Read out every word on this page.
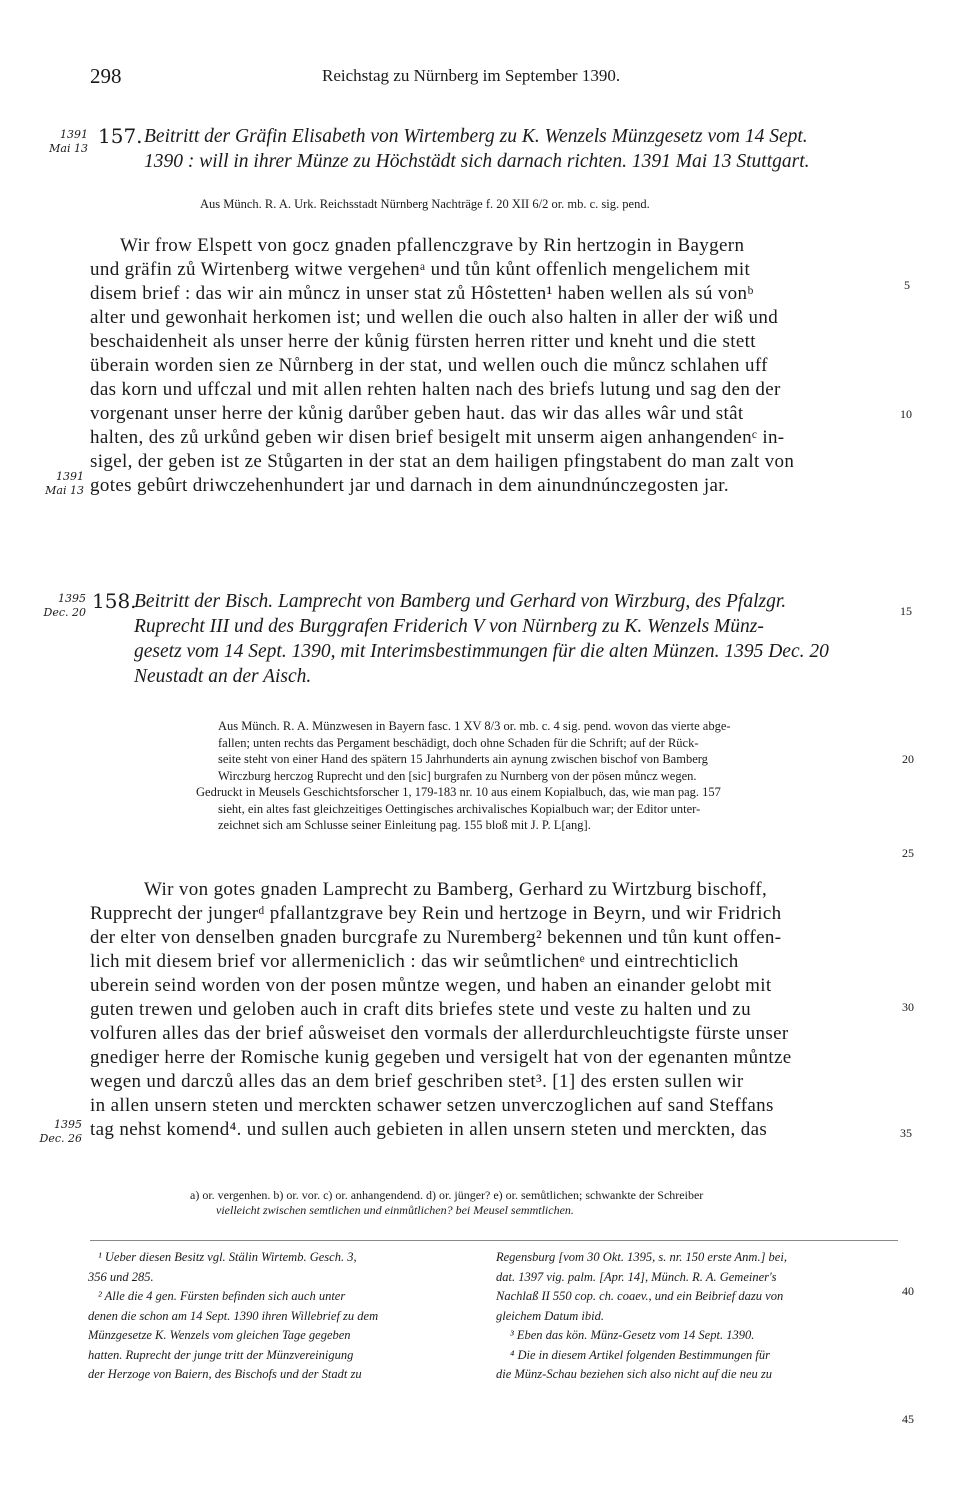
298	Reichstag zu Nürnberg im September 1390.
1391
Mai 13
157. Beitritt der Gräfin Elisabeth von Wirtemberg zu K. Wenzels Münzgesetz vom 14 Sept.
1390 : will in ihrer Münze zu Höchstädt sich darnach richten. 1391 Mai 13 Stuttgart.
Aus Münch. R. A. Urk. Reichsstadt Nürnberg Nachträge f. 20 XII 6/2 or. mb. c. sig. pend.
Wir frow Elspett von gocz gnaden pfallenczgrave by Rin hertzogin in Baygern
und gräfin zů Wirtenberg witwe vergehenᵃ und tůn kůnt offenlich mengelichem mit
disem brief : das wir ain můncz in unser stat zů Hôstetten¹ haben wellen als sú vonᵇ
alter und gewonhait herkomen ist; und wellen die ouch also halten in aller der wiß und
beschaidenheit als unser herre der kůnig fürsten herren ritter und kneht und die stett
überain worden sien ze Nůrnberg in der stat, und wellen ouch die můncz schlahen uff
das korn und uffczal und mit allen rehten halten nach des briefs lutung und sag den der
vorgenant unser herre der kůnig darůber geben haut. das wir das alles wâr und stât
halten, des zů urkůnd geben wir disen brief besigelt mit unserm aigen anhangendenᶜ in-
sigel, der geben ist ze Stůgarten in der stat an dem hailigen pfingstabent do man zalt von
gotes gebûrt driwczehenhundert jar und darnach in dem ainundnúnczegosten jar.
1391
Mai 13
1395
Dec. 20 158.
Beitritt der Bisch. Lamprecht von Bamberg und Gerhard von Wirzburg, des Pfalzgr.
Ruprecht III und des Burggrafen Friderich V von Nürnberg zu K. Wenzels Münz-
gesetz vom 14 Sept. 1390, mit Interimsbestimmungen für die alten Münzen. 1395 Dec. 20
Neustadt an der Aisch.
Aus Münch. R. A. Münzwesen in Bayern fasc. 1 XV 8/3 or. mb. c. 4 sig. pend. wovon das vierte abge-
fallen; unten rechts das Pergament beschädigt, doch ohne Schaden für die Schrift; auf der Rück-
seite steht von einer Hand des spätern 15 Jahrhunderts ain aynung zwischen bischof von Bamberg
Wirczburg herczog Ruprecht und den [sic] burgrafen zu Nurnberg von der pösen můncz wegen.
Gedruckt in Meusels Geschichtsforscher 1, 179-183 nr. 10 aus einem Kopialbuch, das, wie man pag. 157
sieht, ein altes fast gleichzeitiges Oettingisches archivalisches Kopialbuch war; der Editor unter-
zeichnet sich am Schlusse seiner Einleitung pag. 155 bloß mit J. P. L[ang].
Wir von gotes gnaden Lamprecht zu Bamberg, Gerhard zu Wirtzburg bischoff,
Rupprecht der jungerᵈ pfallantzgrave bey Rein und hertzoge in Beyrn, und wir Fridrich
der elter von denselben gnaden burcgrafe zu Nuremberg² bekennen und tůn kunt offen-
lich mit diesem brief vor allermeniclich : das wir seůmtlichenᵉ und eintrechticlich
uberein seind worden von der posen můntze wegen, und haben an einander gelobt mit
guten trewen und geloben auch in craft dits briefes stete und veste zu halten und zu
volfuren alles das der brief aůsweiset den vormals der allerdurchleuchtigste fürste unser
gnediger herre der Romische kunig gegeben und versigelt hat von der egenanten můntze
wegen und darczů alles das an dem brief geschriben stet³. [1] des ersten sullen wir
in allen unsern steten und merckten schawer setzen unverczoglichen auf sand Steffans
tag nehst komend⁴. und sullen auch gebieten in allen unsern steten und merckten, das
1395
Dec. 26
5
10
15
20
25
30
35
40
45
a) or. vergenhen. b) or. vor. c) or. anhangendend. d) or. jünger? e) or. semůtlichen; schwankte der Schreiber
vielleicht zwischen semtlichen und einmůtlichen? bei Meusel semmtlichen.
¹ Ueber diesen Besitz vgl. Stälin Wirtemb. Gesch. 3,
356 und 285.
² Alle die 4 gen. Fürsten befinden sich auch unter
denen die schon am 14 Sept. 1390 ihren Willebrief zu dem
Münzgesetze K. Wenzels vom gleichen Tage gegeben
hatten. Ruprecht der junge tritt der Münzvereinigung
der Herzoge von Baiern, des Bischofs und der Stadt zu
Regensburg [vom 30 Okt. 1395, s. nr. 150 erste Anm.] bei,
dat. 1397 vig. palm. [Apr. 14], Münch. R. A. Gemeiner's
Nachlaß II 550 cop. ch. coaev., und ein Beibrief dazu von
gleichem Datum ibid.
³ Eben das kön. Münz-Gesetz vom 14 Sept. 1390.
⁴ Die in diesem Artikel folgenden Bestimmungen für
die Münz-Schau beziehen sich also nicht auf die neu zu
